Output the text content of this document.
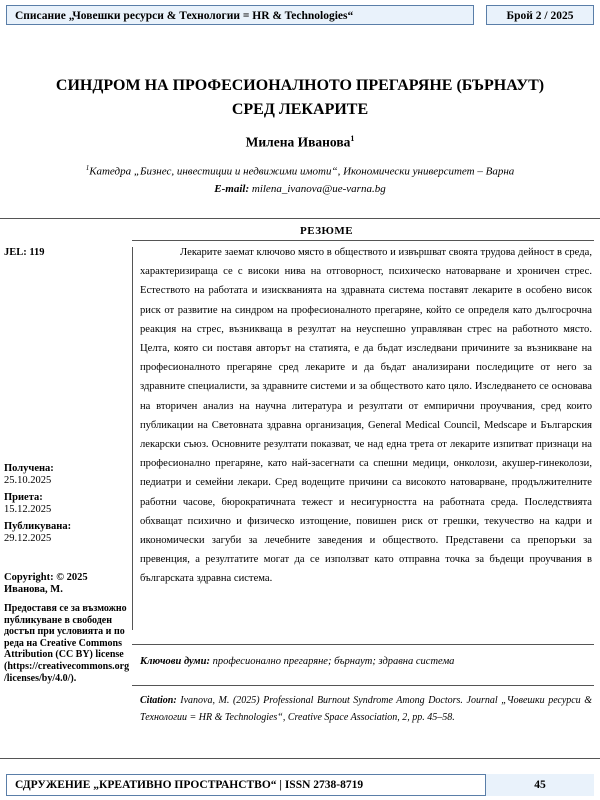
Списание „Човешки ресурси & Технологии = HR & Technologies“	Брой 2 / 2025
СИНДРОМ НА ПРОФЕСИОНАЛНОТО ПРЕГАРЯНЕ (БЪРНАУТ)
СРЕД ЛЕКАРИТЕ
Милена Иванова$^1$
$^1$Катедра „Бизнес, инвестиции и недвижими имоти“, Икономически университет – Варна
E-mail: milena_ivanova@ue-varna.bg
РЕЗЮМЕ
JEL: 119
Получена:
25.10.2025
Приета:
15.12.2025
Публикувана:
29.12.2025
Copyright: © 2025 Иванова, М.
Предоставя се за възможно публикуване в свободен достъп при условията и по реда на Creative Commons Attribution (CC BY) license (https://creativecommons.org/licenses/by/4.0/).
Лекарите заемат ключово място в обществото и извършват своята трудова дейност в среда, характеризираща се с високи нива на отговорност, психическо натоварване и хроничен стрес. Естеството на работата и изискванията на здравната система поставят лекарите в особено висок риск от развитие на синдром на професионалното прегаряне, който се определя като дългосрочна реакция на стрес, възникваща в резултат на неуспешно управляван стрес на работното място. Целта, която си поставя авторът на статията, е да бъдат изследвани причините за възникване на професионалното прегаряне сред лекарите и да бъдат анализирани последиците от него за здравните специалисти, за здравните системи и за обществото като цяло. Изследването се основава на вторичен анализ на научна литература и резултати от емпирични проучвания, сред които публикации на Световната здравна организация, General Medical Council, Medscape и Българския лекарски съюз. Основните резултати показват, че над една трета от лекарите изпитват признаци на професионално прегаряне, като най-засегнати са спешни медици, онколози, акушер-гинеколози, педиатри и семейни лекари. Сред водещите причини са високото натоварване, продължителните работни часове, бюрократичната тежест и несигурността на работната среда. Последствията обхващат психично и физическо изтощение, повишен риск от грешки, текучество на кадри и икономически загуби за лечебните заведения и обществото. Представени са препоръки за превенция, а резултатите могат да се използват като отправна точка за бъдещи проучвания в българската здравна система.
Ключови думи: професионално прегаряне; бърнаут; здравна система
Citation: Ivanova, M. (2025) Professional Burnout Syndrome Among Doctors. Journal „Човешки ресурси & Технологии = HR & Technologies“, Creative Space Association, 2, pp. 45–58.
СДРУЖЕНИЕ „КРЕАТИВНО ПРОСТРАНСТВО“ | ISSN 2738-8719	45
